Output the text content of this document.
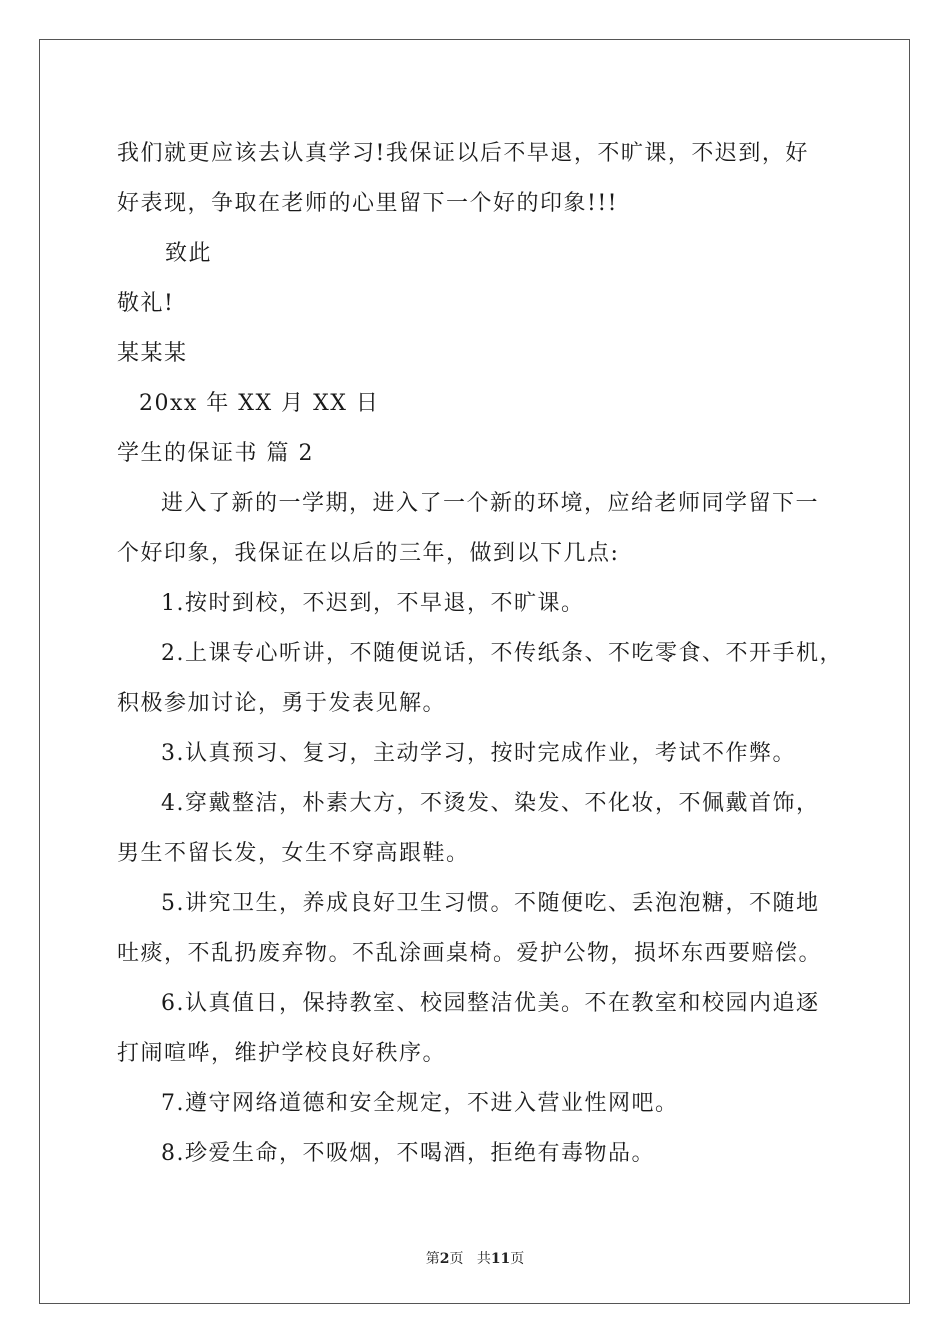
我们就更应该去认真学习!我保证以后不早退，不旷课，不迟到，好
好表现，争取在老师的心里留下一个好的印象!!!
致此
敬礼!
某某某
20xx 年 XX 月 XX 日
学生的保证书 篇 2
进入了新的一学期，进入了一个新的环境，应给老师同学留下一
个好印象，我保证在以后的三年，做到以下几点:
1.按时到校，不迟到，不早退，不旷课。
2.上课专心听讲，不随便说话，不传纸条、不吃零食、不开手机，
积极参加讨论，勇于发表见解。
3.认真预习、复习，主动学习，按时完成作业，考试不作弊。
4.穿戴整洁，朴素大方，不烫发、染发、不化妆，不佩戴首饰，
男生不留长发，女生不穿高跟鞋。
5.讲究卫生，养成良好卫生习惯。不随便吃、丢泡泡糖，不随地
吐痰，不乱扔废弃物。不乱涂画桌椅。爱护公物，损坏东西要赔偿。
6.认真值日，保持教室、校园整洁优美。不在教室和校园内追逐
打闹喧哗，维护学校良好秩序。
7.遵守网络道德和安全规定，不进入营业性网吧。
8.珍爱生命，不吸烟，不喝酒，拒绝有毒物品。
第2页 共11页
